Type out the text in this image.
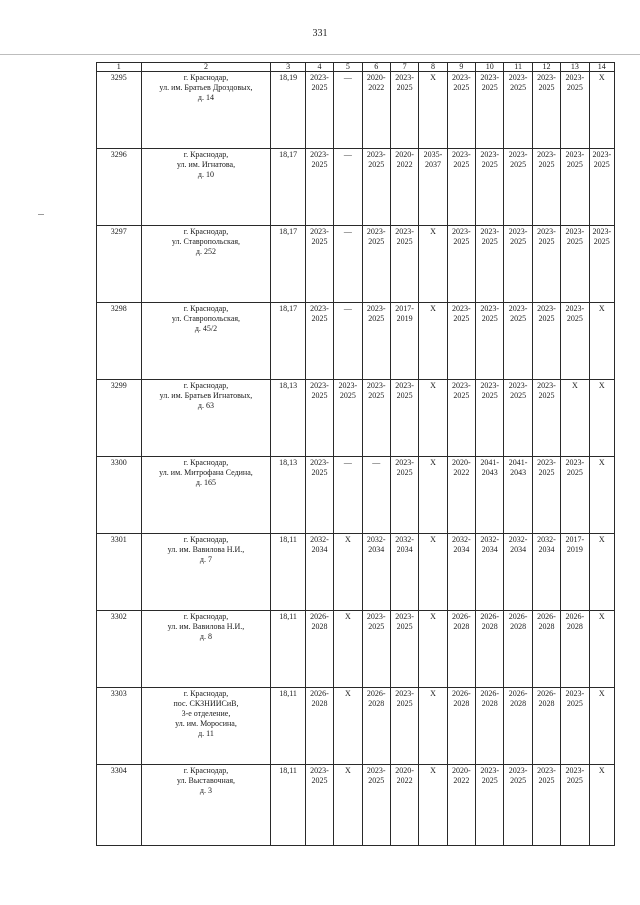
331
1	2	3	4	5	6	7	8	9	10	11	12	13	14
3295	г. Краснодар,
ул. им. Братьев Дроздовых,
д. 14	18,19	2023-2025	—	2020-2022	2023-2025	X	2023-2025	2023-2025	2023-2025	2023-2025	2023-2025	X
3296	г. Краснодар,
ул. им. Игнатова,
д. 10	18,17	2023-2025	—	2023-2025	2020-2022	2035-2037	2023-2025	2023-2025	2023-2025	2023-2025	2023-2025	2023-2025
3297	г. Краснодар,
ул. Ставропольская,
д. 252	18,17	2023-2025	—	2023-2025	2023-2025	X	2023-2025	2023-2025	2023-2025	2023-2025	2023-2025	2023-2025
3298	г. Краснодар,
ул. Ставропольская,
д. 45/2	18,17	2023-2025	—	2023-2025	2017-2019	X	2023-2025	2023-2025	2023-2025	2023-2025	2023-2025	X
3299	г. Краснодар,
ул. им. Братьев Игнатовых,
д. 63	18,13	2023-2025	2023-2025	2023-2025	2023-2025	X	2023-2025	2023-2025	2023-2025	2023-2025	X	X
3300	г. Краснодар,
ул. им. Митрофана Седина,
д. 165	18,13	2023-2025	—	—	2023-2025	X	2020-2022	2041-2043	2041-2043	2023-2025	2023-2025	X
3301	г. Краснодар,
ул. им. Вавилова Н.И.,
д. 7	18,11	2032-2034	X	2032-2034	2032-2034	X	2032-2034	2032-2034	2032-2034	2032-2034	2017-2019	X
3302	г. Краснодар,
ул. им. Вавилова Н.И.,
д. 8	18,11	2026-2028	X	2023-2025	2023-2025	X	2026-2028	2026-2028	2026-2028	2026-2028	2026-2028	X
3303	г. Краснодар,
пос. СКЗНИИСиВ,
3-е отделение,
ул. им. Моросина,
д. 11	18,11	2026-2028	X	2026-2028	2023-2025	X	2026-2028	2026-2028	2026-2028	2026-2028	2023-2025	X
3304	г. Краснодар,
ул. Выставочная,
д. 3	18,11	2023-2025	X	2023-2025	2020-2022	X	2020-2022	2023-2025	2023-2025	2023-2025	2023-2025	X
